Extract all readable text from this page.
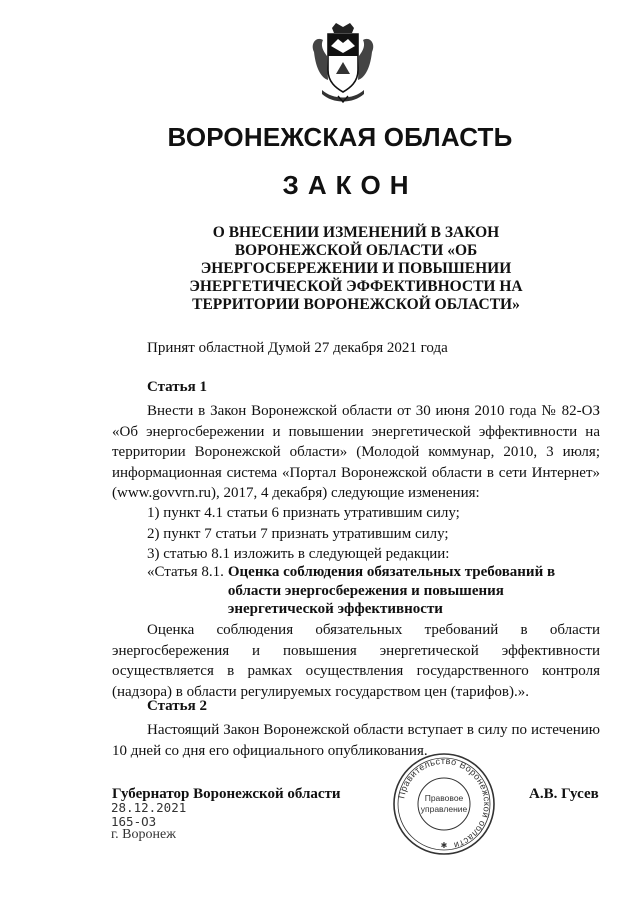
ВОРОНЕЖСКАЯ ОБЛАСТЬ
ЗАКОН
О ВНЕСЕНИИ ИЗМЕНЕНИЙ В ЗАКОН
ВОРОНЕЖСКОЙ ОБЛАСТИ «ОБ
ЭНЕРГОСБЕРЕЖЕНИИ И ПОВЫШЕНИИ
ЭНЕРГЕТИЧЕСКОЙ ЭФФЕКТИВНОСТИ НА
ТЕРРИТОРИИ ВОРОНЕЖСКОЙ ОБЛАСТИ»
Принят областной Думой 27 декабря 2021 года
Статья 1
Внести в Закон Воронежской области от 30 июня 2010 года № 82-ОЗ «Об энергосбережении и повышении энергетической эффективности на территории Воронежской области» (Молодой коммунар, 2010, 3 июля; информационная система «Портал Воронежской области в сети Интернет» (www.govvrn.ru), 2017, 4 декабря) следующие изменения:
1) пункт 4.1 статьи 6 признать утратившим силу;
2) пункт 7 статьи 7 признать утратившим силу;
3) статью 8.1 изложить в следующей редакции:
«Статья 8.1. Оценка соблюдения обязательных требований в области энергосбережения и повышения энергетической эффективности
Оценка соблюдения обязательных требований в области энергосбережения и повышения энергетической эффективности осуществляется в рамках осуществления государственного контроля (надзора) в области регулируемых государством цен (тарифов).».
Статья 2
Настоящий Закон Воронежской области вступает в силу по истечению 10 дней со дня его официального опубликования.
Губернатор Воронежской области	А.В. Гусев
28.12.2021
165-ОЗ
г. Воронеж
Правительство Воронежской области
Правовое
управление
✱
